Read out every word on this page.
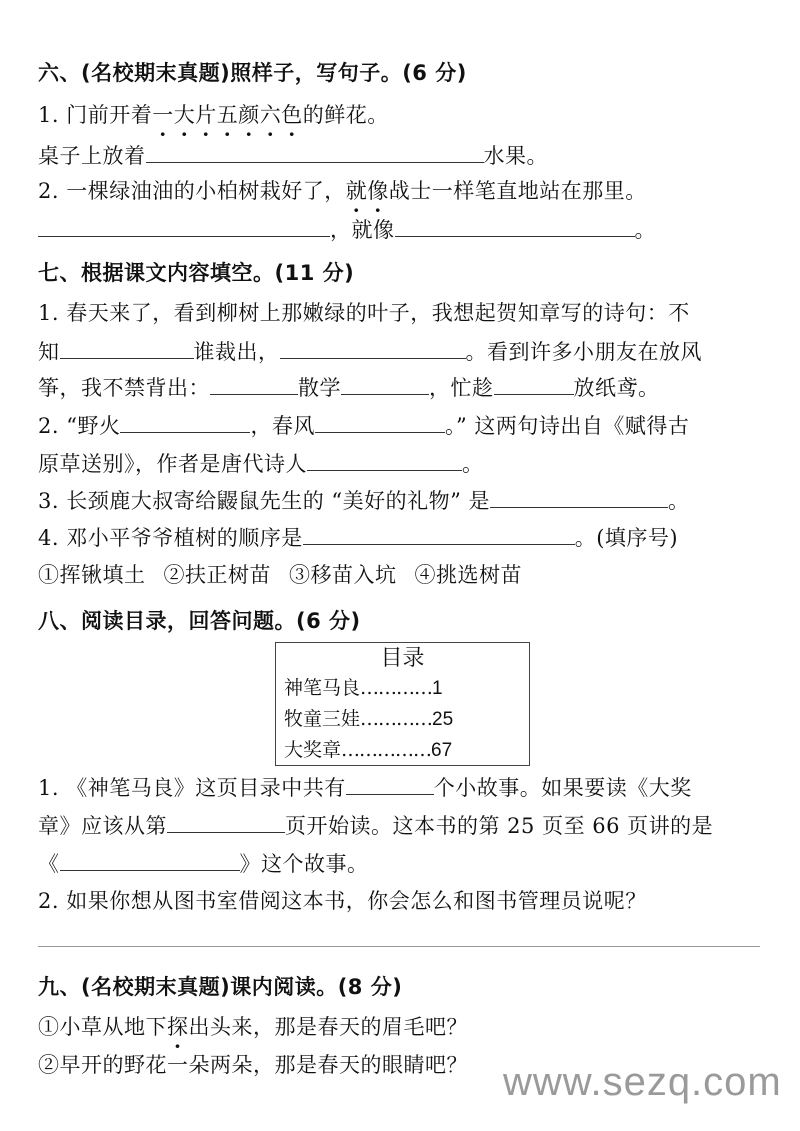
六、(名校期末真题)照样子，写句子。(6 分)
1. 门前开着一大片五颜六色的鲜花。
桌子上放着	水果。
2. 一棵绿油油的小柏树栽好了，就像战士一样笔直地站在那里。
，就像	。
七、根据课文内容填空。(11 分)
1. 春天来了，看到柳树上那嫩绿的叶子，我想起贺知章写的诗句：不
知	谁裁出，	。看到许多小朋友在放风
筝，我不禁背出：	散学	，忙趁	放纸鸢。
2. “野火	，春风	。” 这两句诗出自《赋得古
原草送别》，作者是唐代诗人	。
3. 长颈鹿大叔寄给鼹鼠先生的 “美好的礼物” 是	。
4. 邓小平爷爷植树的顺序是	。(填序号)
①挥锹填土 ②扶正树苗 ③移苗入坑 ④挑选树苗
八、阅读目录，回答问题。(6 分)
目录
神笔马良…………1
牧童三娃…………25
大奖章……………67
1. 《神笔马良》这页目录中共有	个小故事。如果要读《大奖
章》应该从第	页开始读。这本书的第 25 页至 66 页讲的是
《	》这个故事。
2. 如果你想从图书室借阅这本书，你会怎么和图书管理员说呢？
九、(名校期末真题)课内阅读。(8 分)
①小草从地下探出头来，那是春天的眉毛吧？
②早开的野花一朵两朵，那是春天的眼睛吧？ www.sezq.com
